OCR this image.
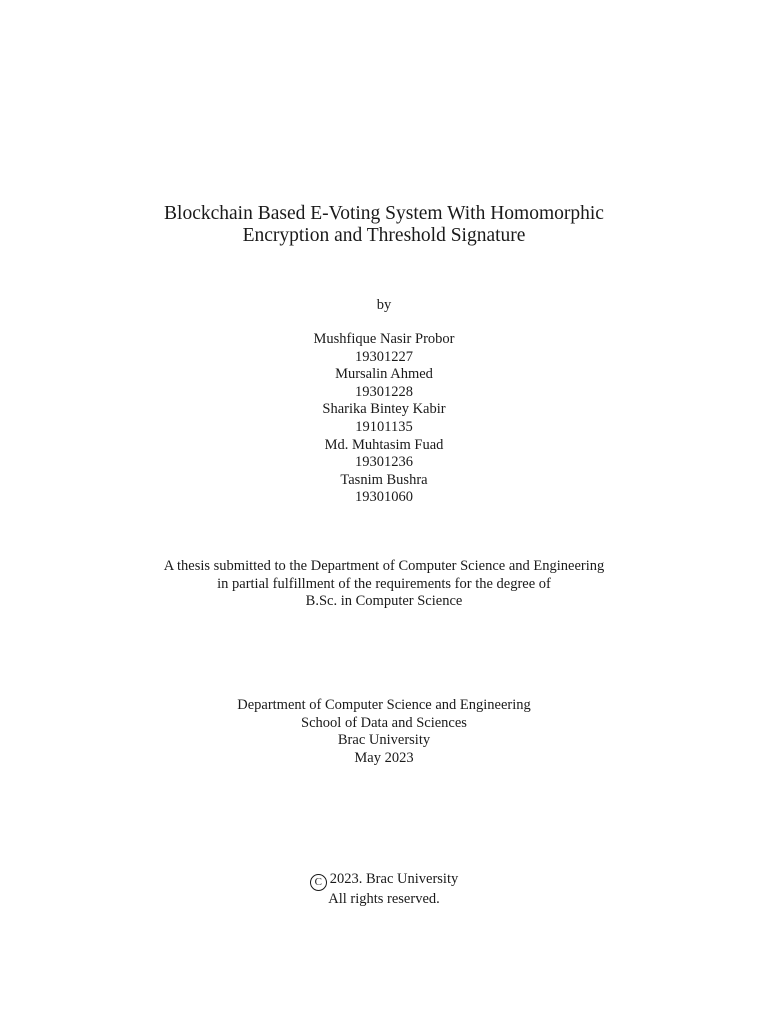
Blockchain Based E-Voting System With Homomorphic
Encryption and Threshold Signature
by
Mushfique Nasir Probor
19301227
Mursalin Ahmed
19301228
Sharika Bintey Kabir
19101135
Md. Muhtasim Fuad
19301236
Tasnim Bushra
19301060
A thesis submitted to the Department of Computer Science and Engineering
in partial fulfillment of the requirements for the degree of
B.Sc. in Computer Science
Department of Computer Science and Engineering
School of Data and Sciences
Brac University
May 2023
C 2023. Brac University
All rights reserved.
